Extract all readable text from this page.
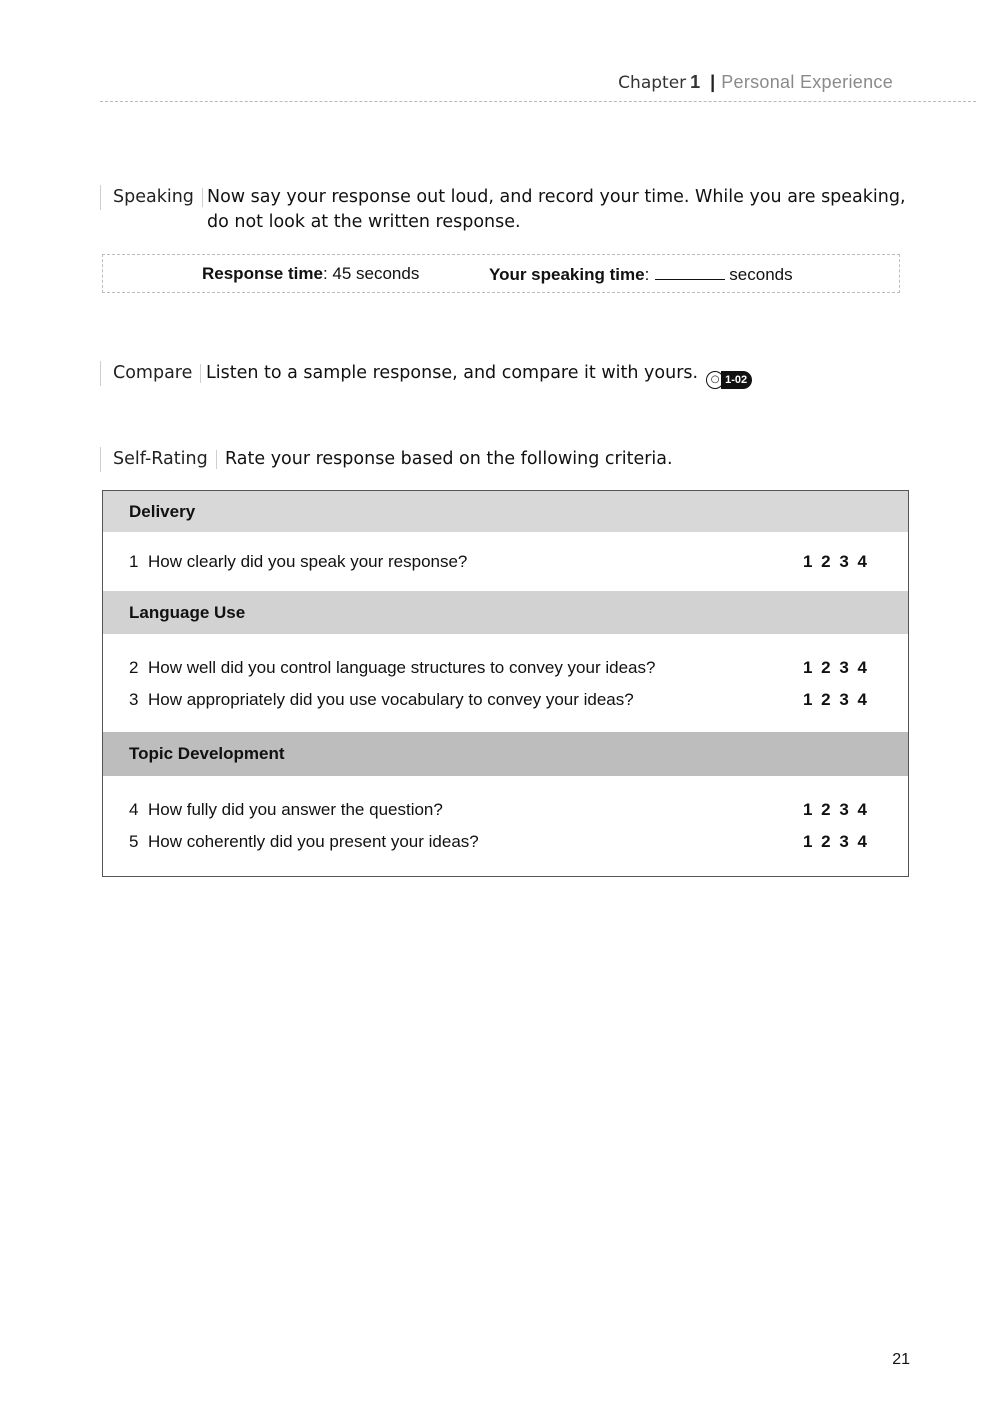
Chapter 1 | Personal Experience
Speaking Now say your response out loud, and record your time. While you are speaking, do not look at the written response.
Response time: 45 seconds	Your speaking time:	seconds
Compare Listen to a sample response, and compare it with yours.	○ 1-02
Self-Rating Rate your response based on the following criteria.
Delivery
1 How clearly did you speak your response?	1 2 3 4
Language Use
2 How well did you control language structures to convey your ideas?	1 2 3 4
3 How appropriately did you use vocabulary to convey your ideas?	1 2 3 4
Topic Development
4 How fully did you answer the question?	1 2 3 4
5 How coherently did you present your ideas?	1 2 3 4
21
